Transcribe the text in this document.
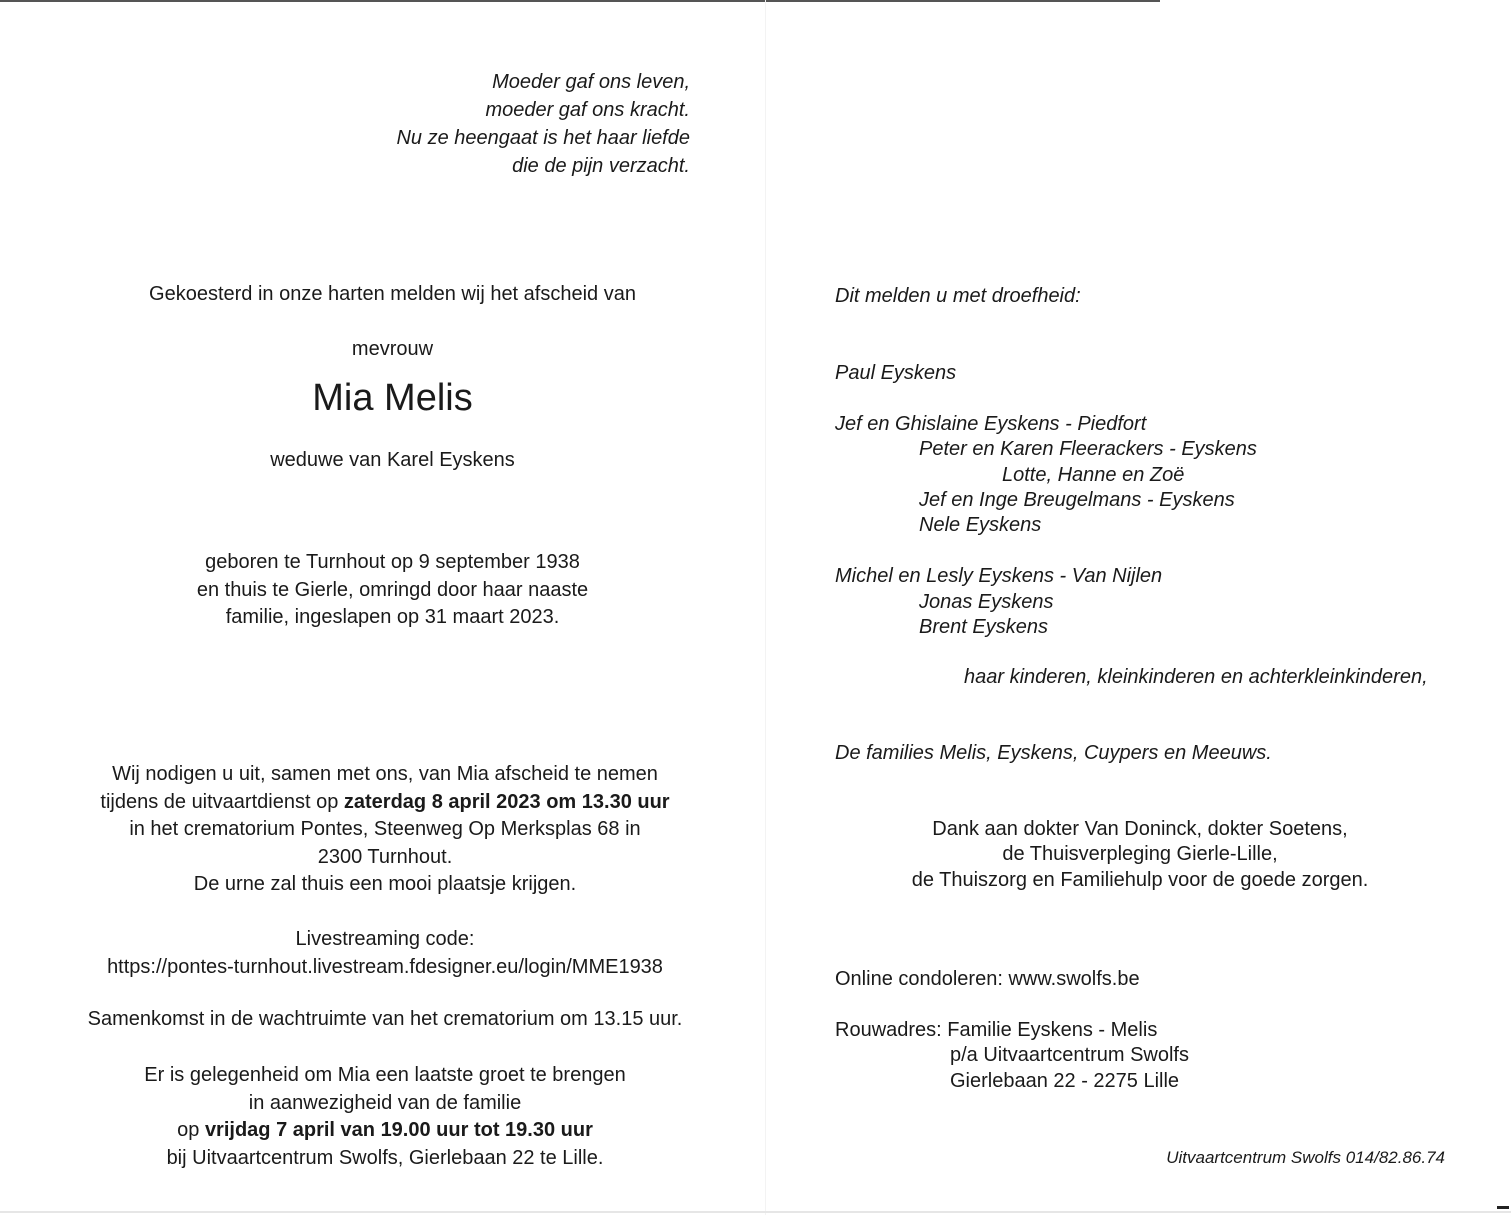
Moeder gaf ons leven,
moeder gaf ons kracht.
Nu ze heengaat is het haar liefde
die de pijn verzacht.
Gekoesterd in onze harten melden wij het afscheid van
mevrouw
Mia Melis
weduwe van Karel Eyskens
geboren te Turnhout op 9 september 1938
en thuis te Gierle, omringd door haar naaste
familie, ingeslapen op 31 maart 2023.
Wij nodigen u uit, samen met ons, van Mia afscheid te nemen
tijdens de uitvaartdienst op zaterdag 8 april 2023 om 13.30 uur
in het crematorium Pontes, Steenweg Op Merksplas 68 in
2300 Turnhout.
De urne zal thuis een mooi plaatsje krijgen.
Livestreaming code:
https://pontes-turnhout.livestream.fdesigner.eu/login/MME1938
Samenkomst in de wachtruimte van het crematorium om 13.15 uur.
Er is gelegenheid om Mia een laatste groet te brengen
in aanwezigheid van de familie
op vrijdag 7 april van 19.00 uur tot 19.30 uur
bij Uitvaartcentrum Swolfs, Gierlebaan 22 te Lille.
Dit melden u met droefheid:
Paul Eyskens
Jef en Ghislaine Eyskens - Piedfort
Peter en Karen Fleerackers - Eyskens
Lotte, Hanne en Zoë
Jef en Inge Breugelmans - Eyskens
Nele Eyskens
Michel en Lesly Eyskens - Van Nijlen
Jonas Eyskens
Brent Eyskens
haar kinderen, kleinkinderen en achterkleinkinderen,
De families Melis, Eyskens, Cuypers en Meeuws.
Dank aan dokter Van Doninck, dokter Soetens,
de Thuisverpleging Gierle-Lille,
de Thuiszorg en Familiehulp voor de goede zorgen.
Online condoleren: www.swolfs.be
Rouwadres: Familie Eyskens - Melis
p/a Uitvaartcentrum Swolfs
Gierlebaan 22 - 2275 Lille
Uitvaartcentrum Swolfs 014/82.86.74
